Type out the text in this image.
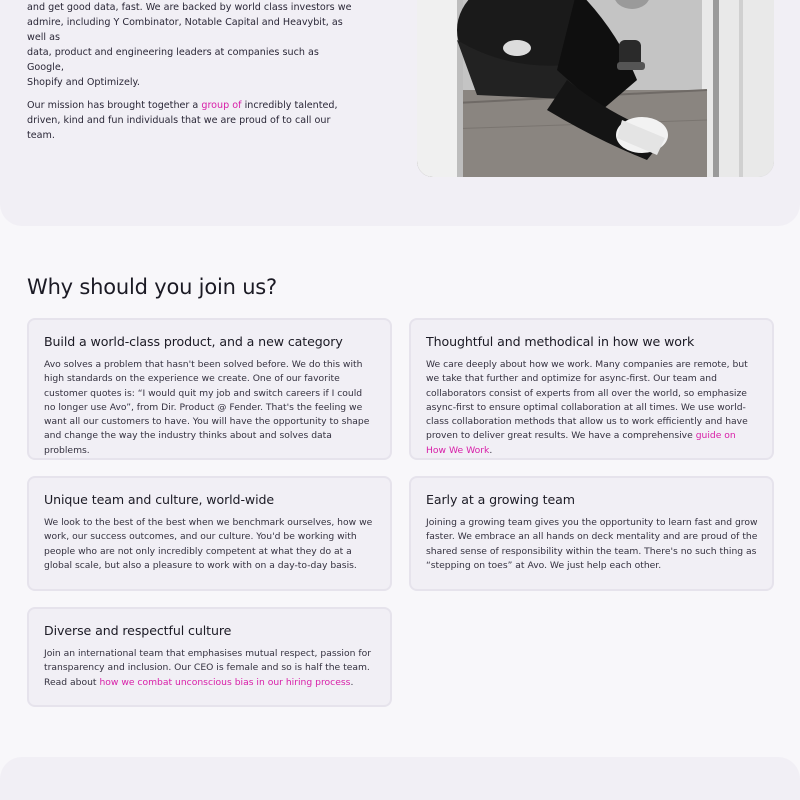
and get good data, fast. We are backed by world class investors we
admire, including Y Combinator, Notable Capital and Heavybit, as well as
data, product and engineering leaders at companies such as Google,
Shopify and Optimizely.

Our mission has brought together a group of incredibly talented, driven, kind and fun individuals that we are proud of to call our team.

Why should you join us?
Build a world-class product, and a new category

Avo solves a problem that hasn't been solved before. We do this with high standards on the experience we create. One of our favorite customer quotes is: “I would quit my job and switch careers if I could no longer use Avo”, from Dir. Product @ Fender. That's the feeling we want all our customers to have. You will have the opportunity to shape and change the way the industry thinks about and solves data problems.

Thoughtful and methodical in how we work

We care deeply about how we work. Many companies are remote, but we take that further and optimize for async-first. Our team and collaborators consist of experts from all over the world, so emphasize async-first to ensure optimal collaboration at all times. We use world-class collaboration methods that allow us to work efficiently and have proven to deliver great results. We have a comprehensive guide on How We Work.

Unique team and culture, world-wide

We look to the best of the best when we benchmark ourselves, how we work, our success outcomes, and our culture. You'd be working with people who are not only incredibly competent at what they do at a global scale, but also a pleasure to work with on a day-to-day basis.

Early at a growing team

Joining a growing team gives you the opportunity to learn fast and grow faster. We embrace an all hands on deck mentality and are proud of the shared sense of responsibility within the team. There's no such thing as “stepping on toes” at Avo. We just help each other.

Diverse and respectful culture

Join an international team that emphasises mutual respect, passion for transparency and inclusion. Our CEO is female and so is half the team. Read about how we combat unconscious bias in our hiring process.
